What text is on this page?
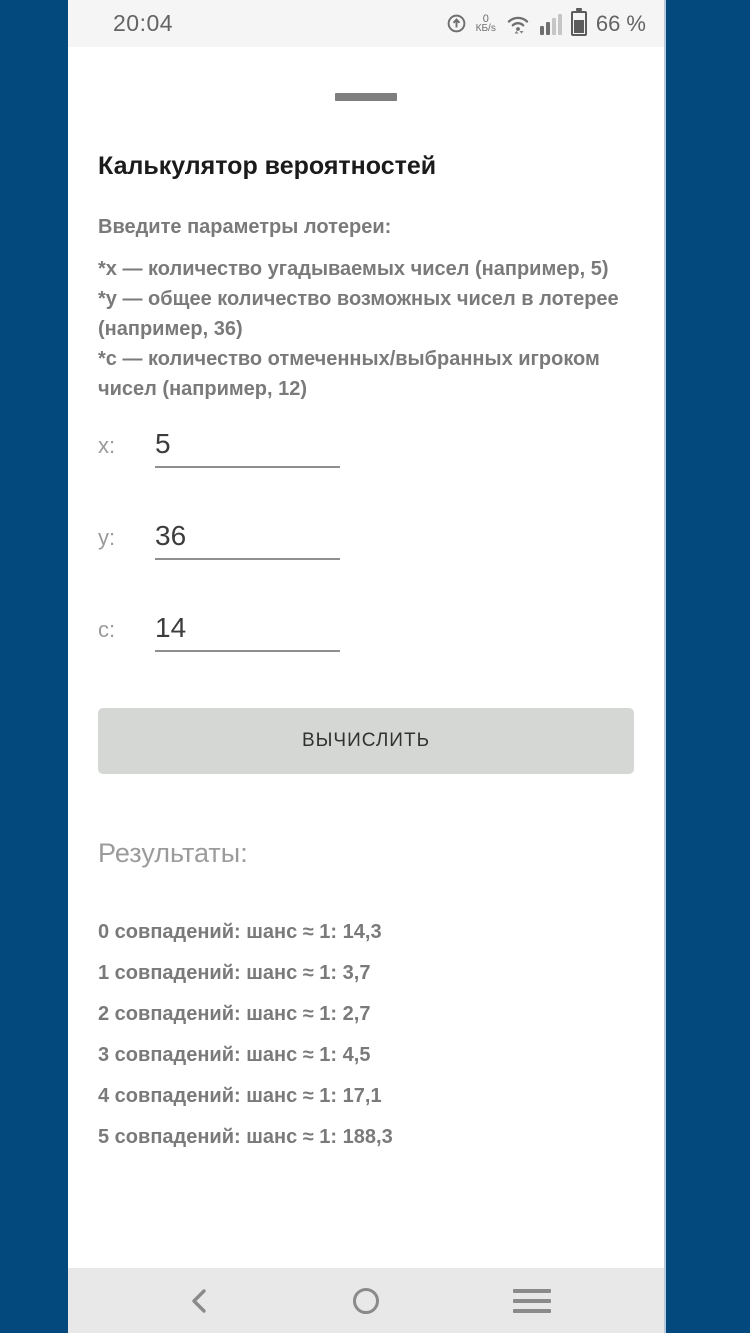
20:04	0
КБ/s	66 %
Калькулятор вероятностей
Введите параметры лотереи:
*x — количество угадываемых чисел (например, 5)
*y — общее количество возможных чисел в лотерее (например, 36)
*c — количество отмеченных/выбранных игроком чисел (например, 12)
x:
5
y:
36
c:
14
ВЫЧИСЛИТЬ
Результаты:
0 совпадений: шанс ≈ 1: 14,3
1 совпадений: шанс ≈ 1: 3,7
2 совпадений: шанс ≈ 1: 2,7
3 совпадений: шанс ≈ 1: 4,5
4 совпадений: шанс ≈ 1: 17,1
5 совпадений: шанс ≈ 1: 188,3
